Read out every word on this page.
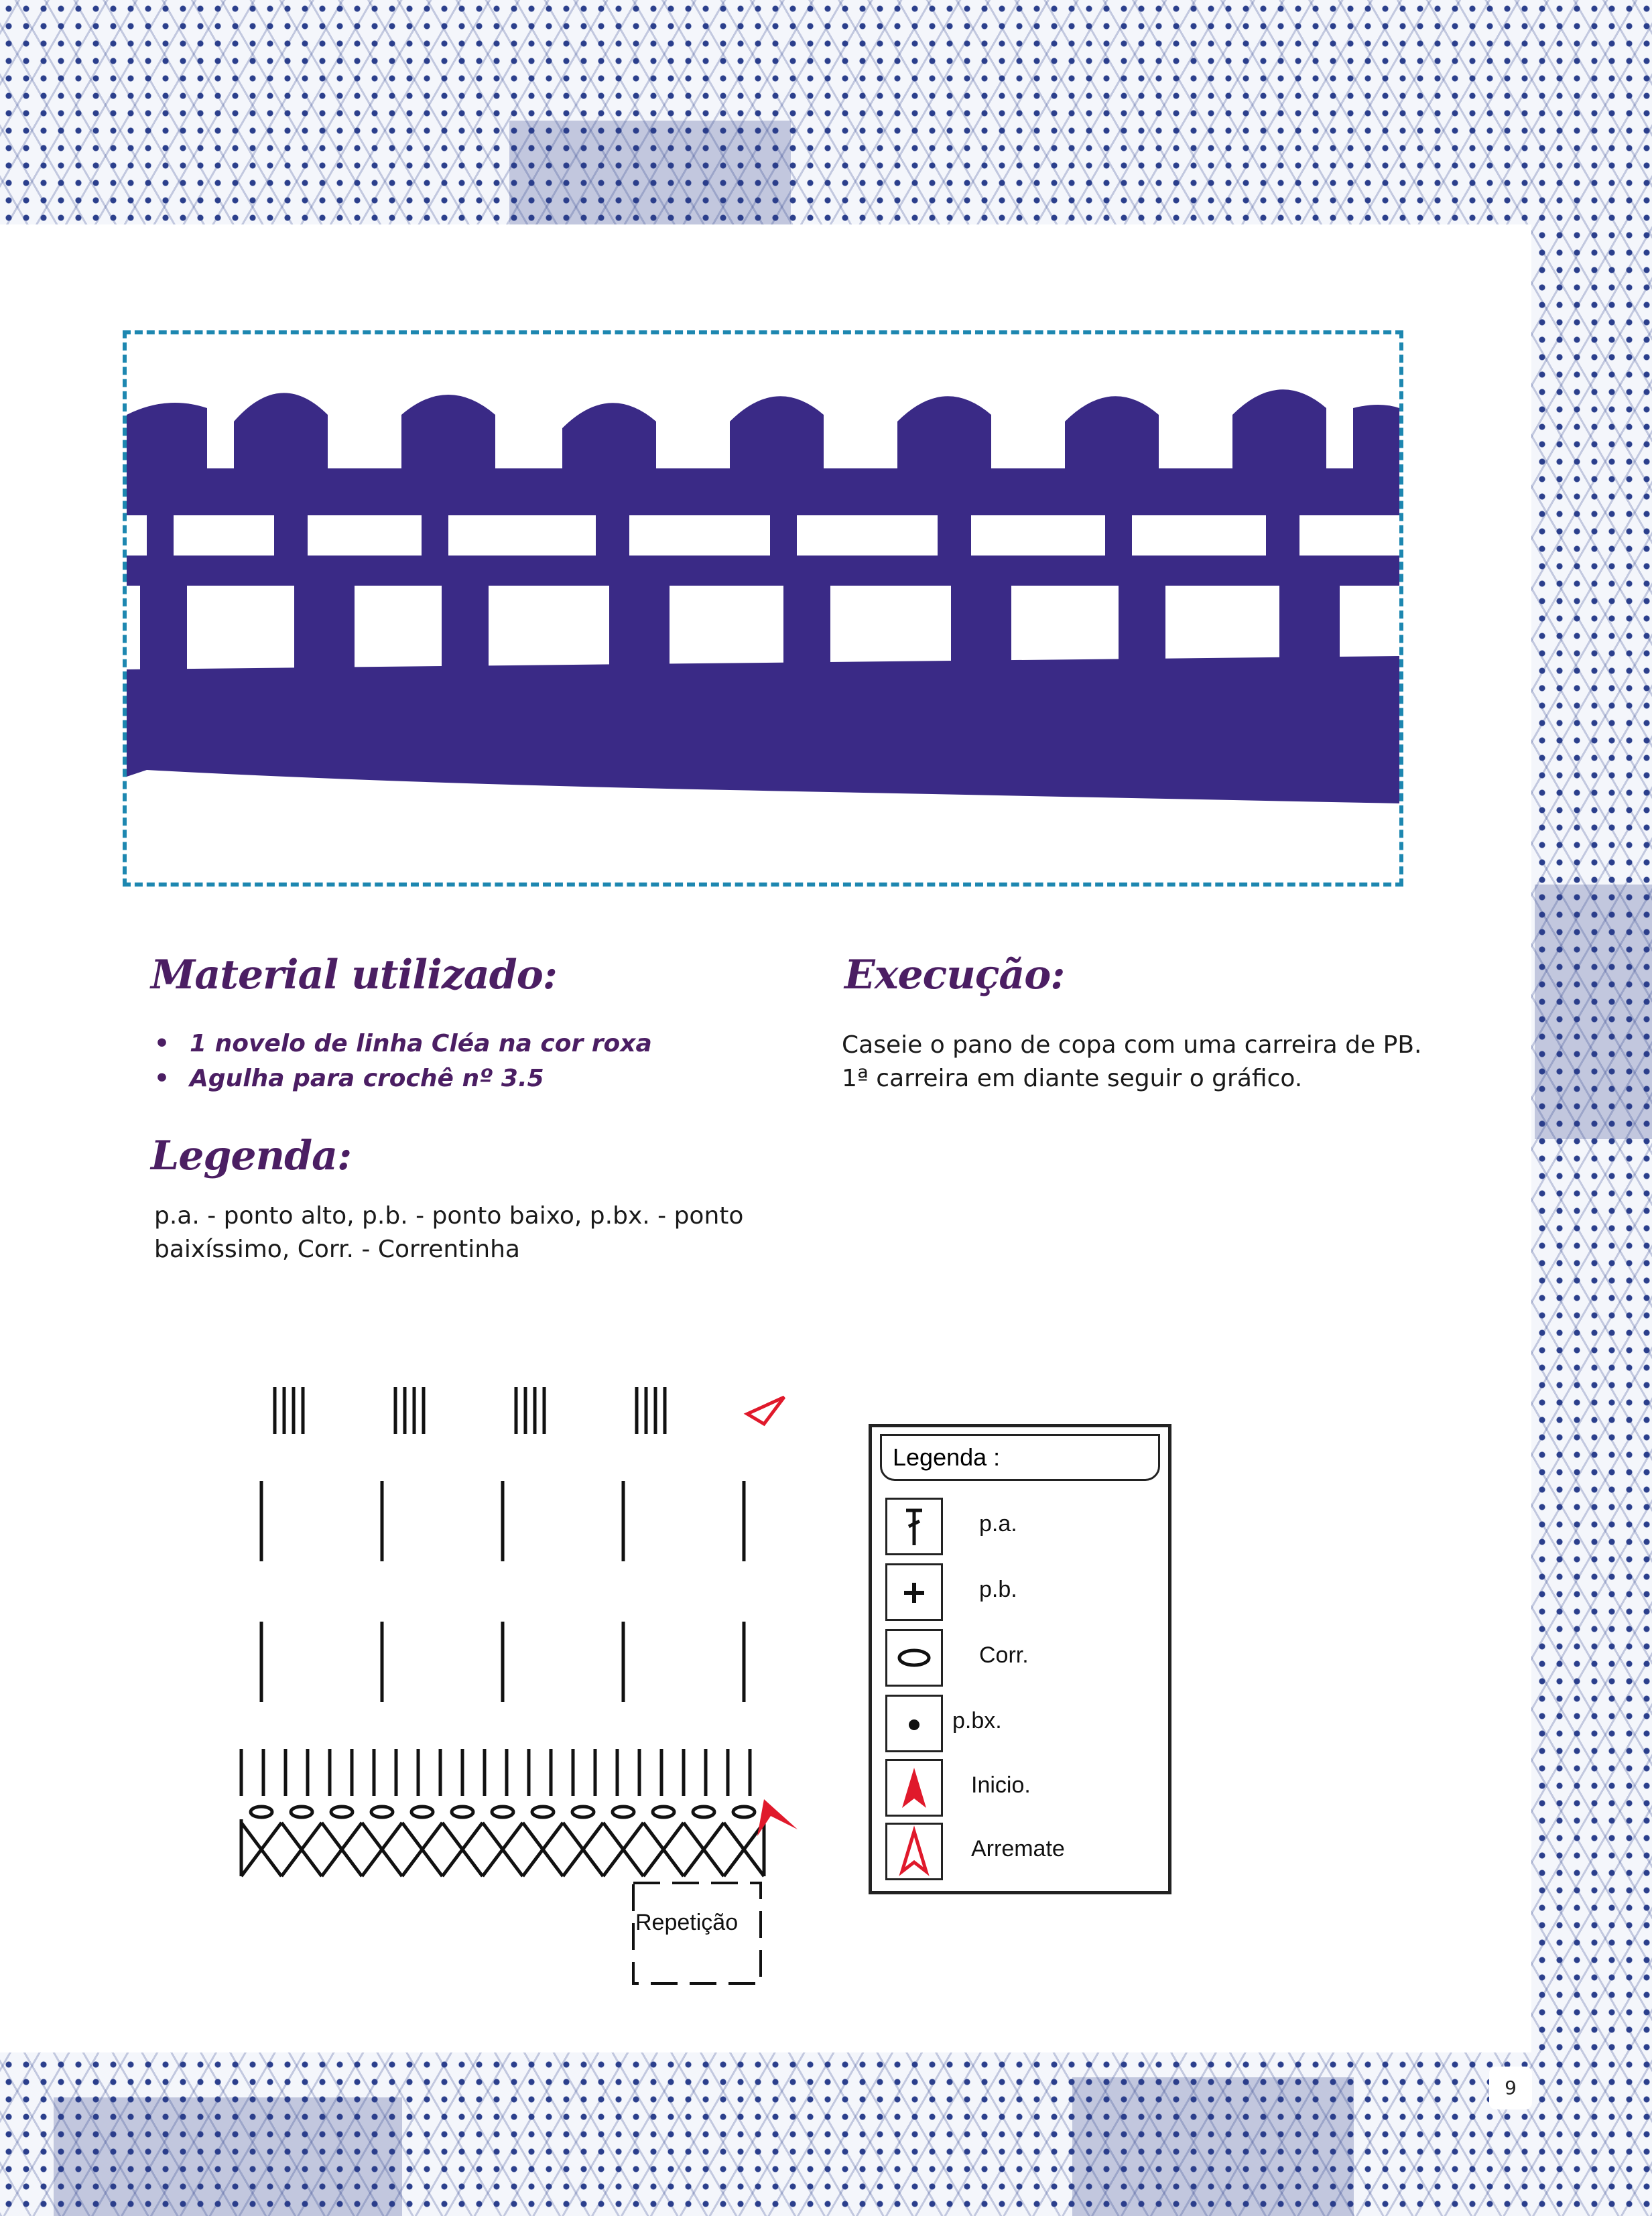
Material utilizado:
• 1 novelo de linha Cléa na cor roxa
• Agulha para crochê nº 3.5
Legenda:

p.a. - ponto alto, p.b. - ponto baixo, p.bx. - ponto

baixíssimo, Corr. - Correntinha

Execução:

Caseie o pano de copa com uma carreira de PB.

1ª carreira em diante seguir o gráfico.

Repetição
Legenda :
p.a.
p.b.
Corr.
p.bx.
Inicio.
Arremate
9
